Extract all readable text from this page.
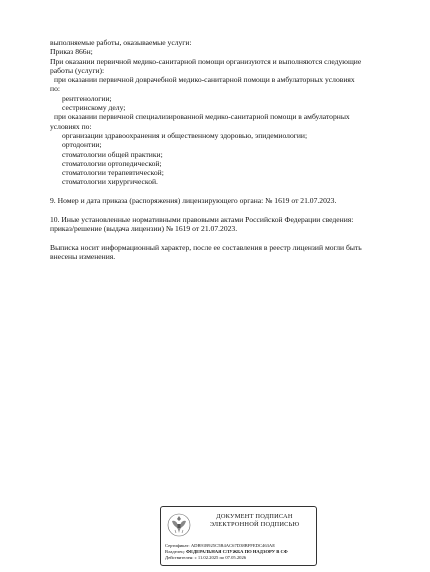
выполняемые работы, оказываемые услуги:

Приказ 866н;

При оказании первичной медико-санитарной помощи организуются и выполняются следующие

работы (услуги):

при оказании первичной доврачебной медико-санитарной помощи в амбулаторных условиях

по:

рентгенологии;

сестринскому делу;

при оказании первичной специализированной медико-санитарной помощи в амбулаторных

условиях по:

организации здравоохранения и общественному здоровью, эпидемиологии;

ортодонтии;

стоматологии общей практики;

стоматологии ортопедической;

стоматологии терапевтической;

стоматологии хирургической.

9. Номер и дата приказа (распоряжения) лицензирующего органа: № 1619 от 21.07.2023.

10. Иные установленные нормативными правовыми актами Российской Федерации сведения:

приказ/решение (выдача лицензии) № 1619 от 21.07.2023.

Выписка носит информационный характер, после ее составления в реестр лицензий могли быть

внесены изменения.

ДОКУМЕНТ ПОДПИСАН
ЭЛЕКТРОННОЙ ПОДПИСЬЮ
Сертификат: ADB91B925C5B4AC67D38BFFEDC463AE
Владелец: ФЕДЕРАЛЬНАЯ СЛУЖБА ПО НАДЗОРУ В СФ
Действителен: с 11.02.2025 по 07.05.2026
